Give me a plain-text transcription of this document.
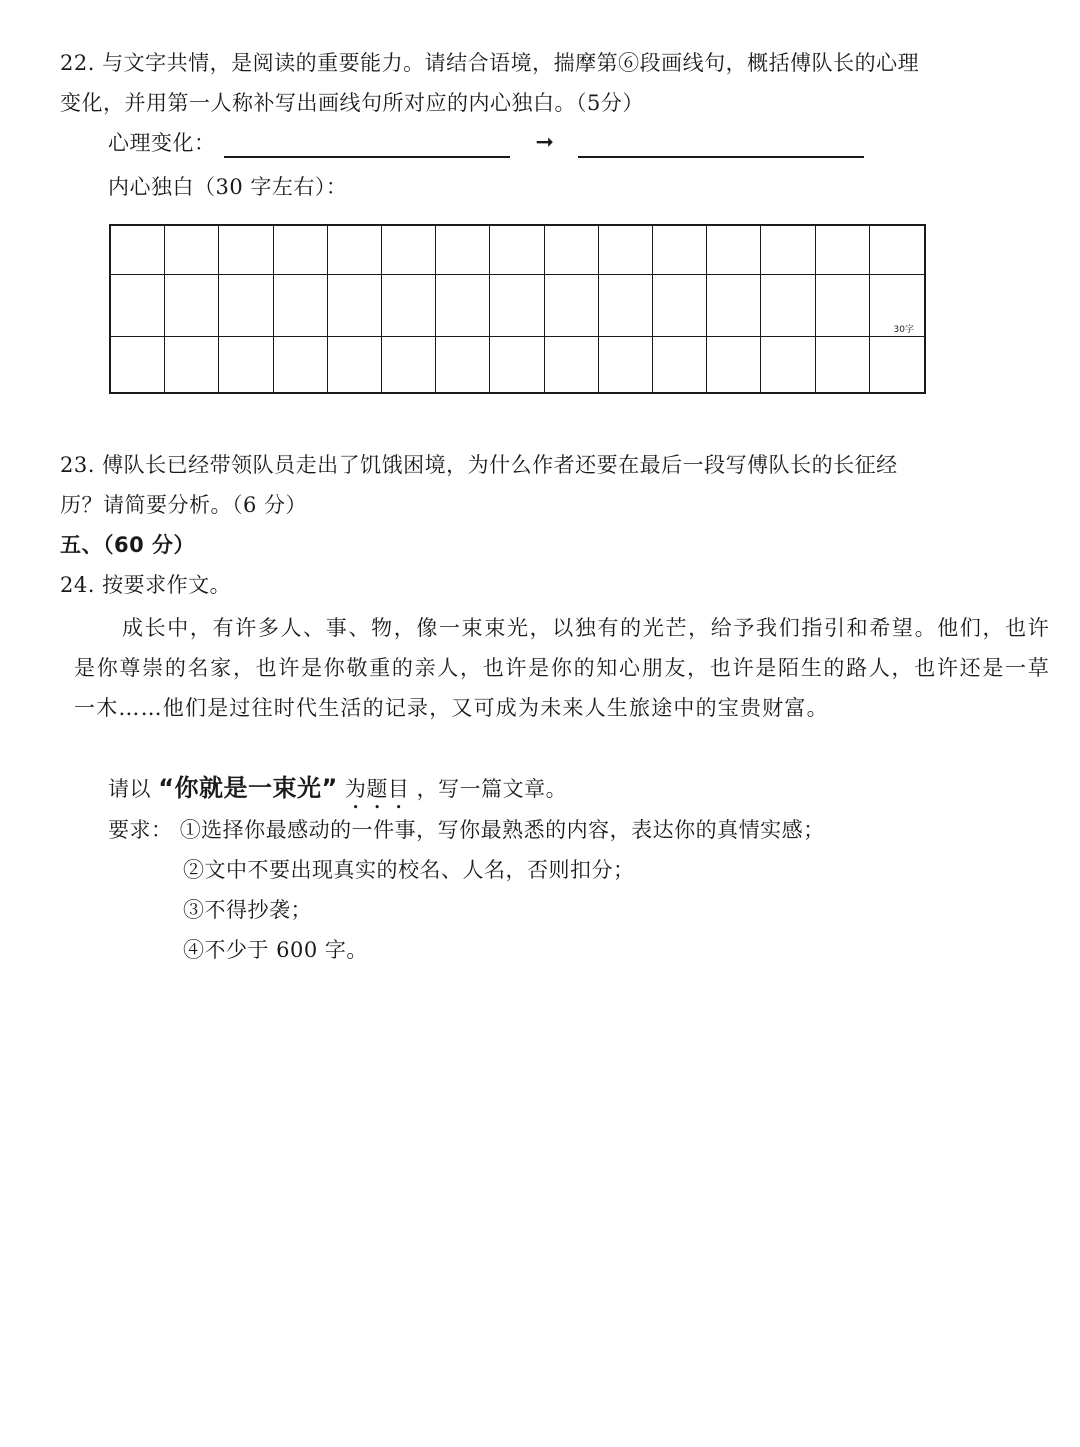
22. 与文字共情，是阅读的重要能力。请结合语境，揣摩第⑥段画线句，概括傅队长的心理
变化，并用第一人称补写出画线句所对应的内心独白。（5分）
心理变化：	➞
内心独白（30 字左右）：
30字
23. 傅队长已经带领队员走出了饥饿困境，为什么作者还要在最后一段写傅队长的长征经
历？请简要分析。（6 分）
五、（60 分）
24. 按要求作文。
成长中，有许多人、事、物，像一束束光，以独有的光芒，给予我们指引和希望。他们，也许是你尊崇的名家，也许是你敬重的亲人，也许是你的知心朋友，也许是陌生的路人，也许还是一草一木……他们是过往时代生活的记录，又可成为未来人生旅途中的宝贵财富。
请以 “你就是一束光” 为题目 ，写一篇文章。
要求： ①选择你最感动的一件事，写你最熟悉的内容，表达你的真情实感；
②文中不要出现真实的校名、人名，否则扣分；
③不得抄袭；
④不少于 600 字。
